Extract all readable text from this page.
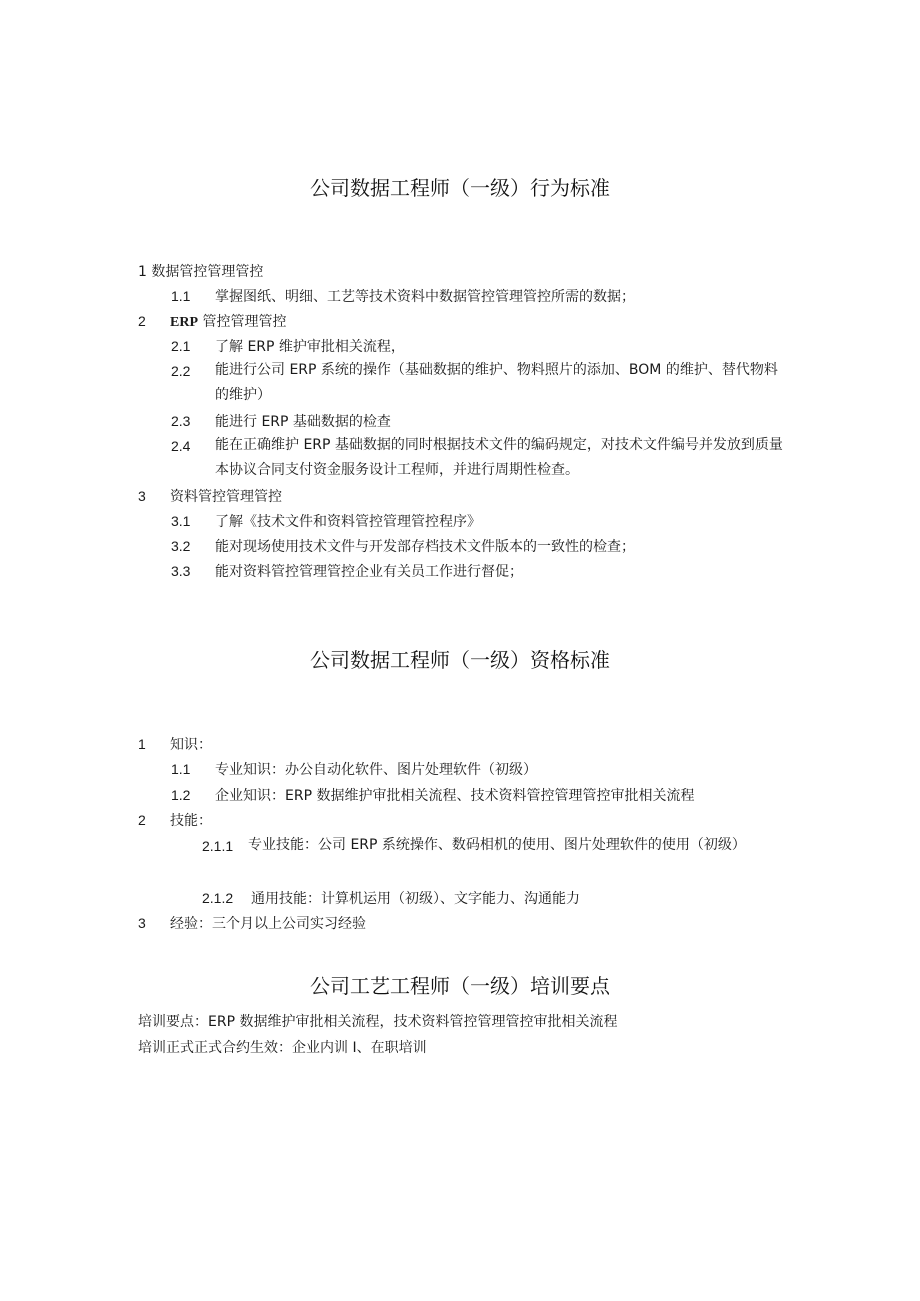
公司数据工程师（一级）行为标准
1 数据管控管理管控
1.1 掌握图纸、明细、工艺等技术资料中数据管控管理管控所需的数据；
2 ERP 管控管理管控
2.1 了解 ERP 维护审批相关流程，
2.2 能进行公司 ERP 系统的操作（基础数据的维护、物料照片的添加、BOM 的维护、替代物料的维护）
2.3 能进行 ERP 基础数据的检查
2.4 能在正确维护 ERP 基础数据的同时根据技术文件的编码规定，对技术文件编号并发放到质量本协议合同支付资金服务设计工程师，并进行周期性检查。
3 资料管控管理管控
3.1 了解《技术文件和资料管控管理管控程序》
3.2 能对现场使用技术文件与开发部存档技术文件版本的一致性的检查；
3.3 能对资料管控管理管控企业有关员工作进行督促；
公司数据工程师（一级）资格标准
1 知识：
1.1 专业知识：办公自动化软件、图片处理软件（初级）
1.2 企业知识：ERP 数据维护审批相关流程、技术资料管控管理管控审批相关流程
2 技能：
2.1.1 专业技能：公司 ERP 系统操作、数码相机的使用、图片处理软件的使用（初级）
2.1.2 通用技能：计算机运用（初级）、文字能力、沟通能力
3 经验：三个月以上公司实习经验
公司工艺工程师（一级）培训要点
培训要点：ERP 数据维护审批相关流程，技术资料管控管理管控审批相关流程
培训正式正式合约生效：企业内训 I、在职培训
